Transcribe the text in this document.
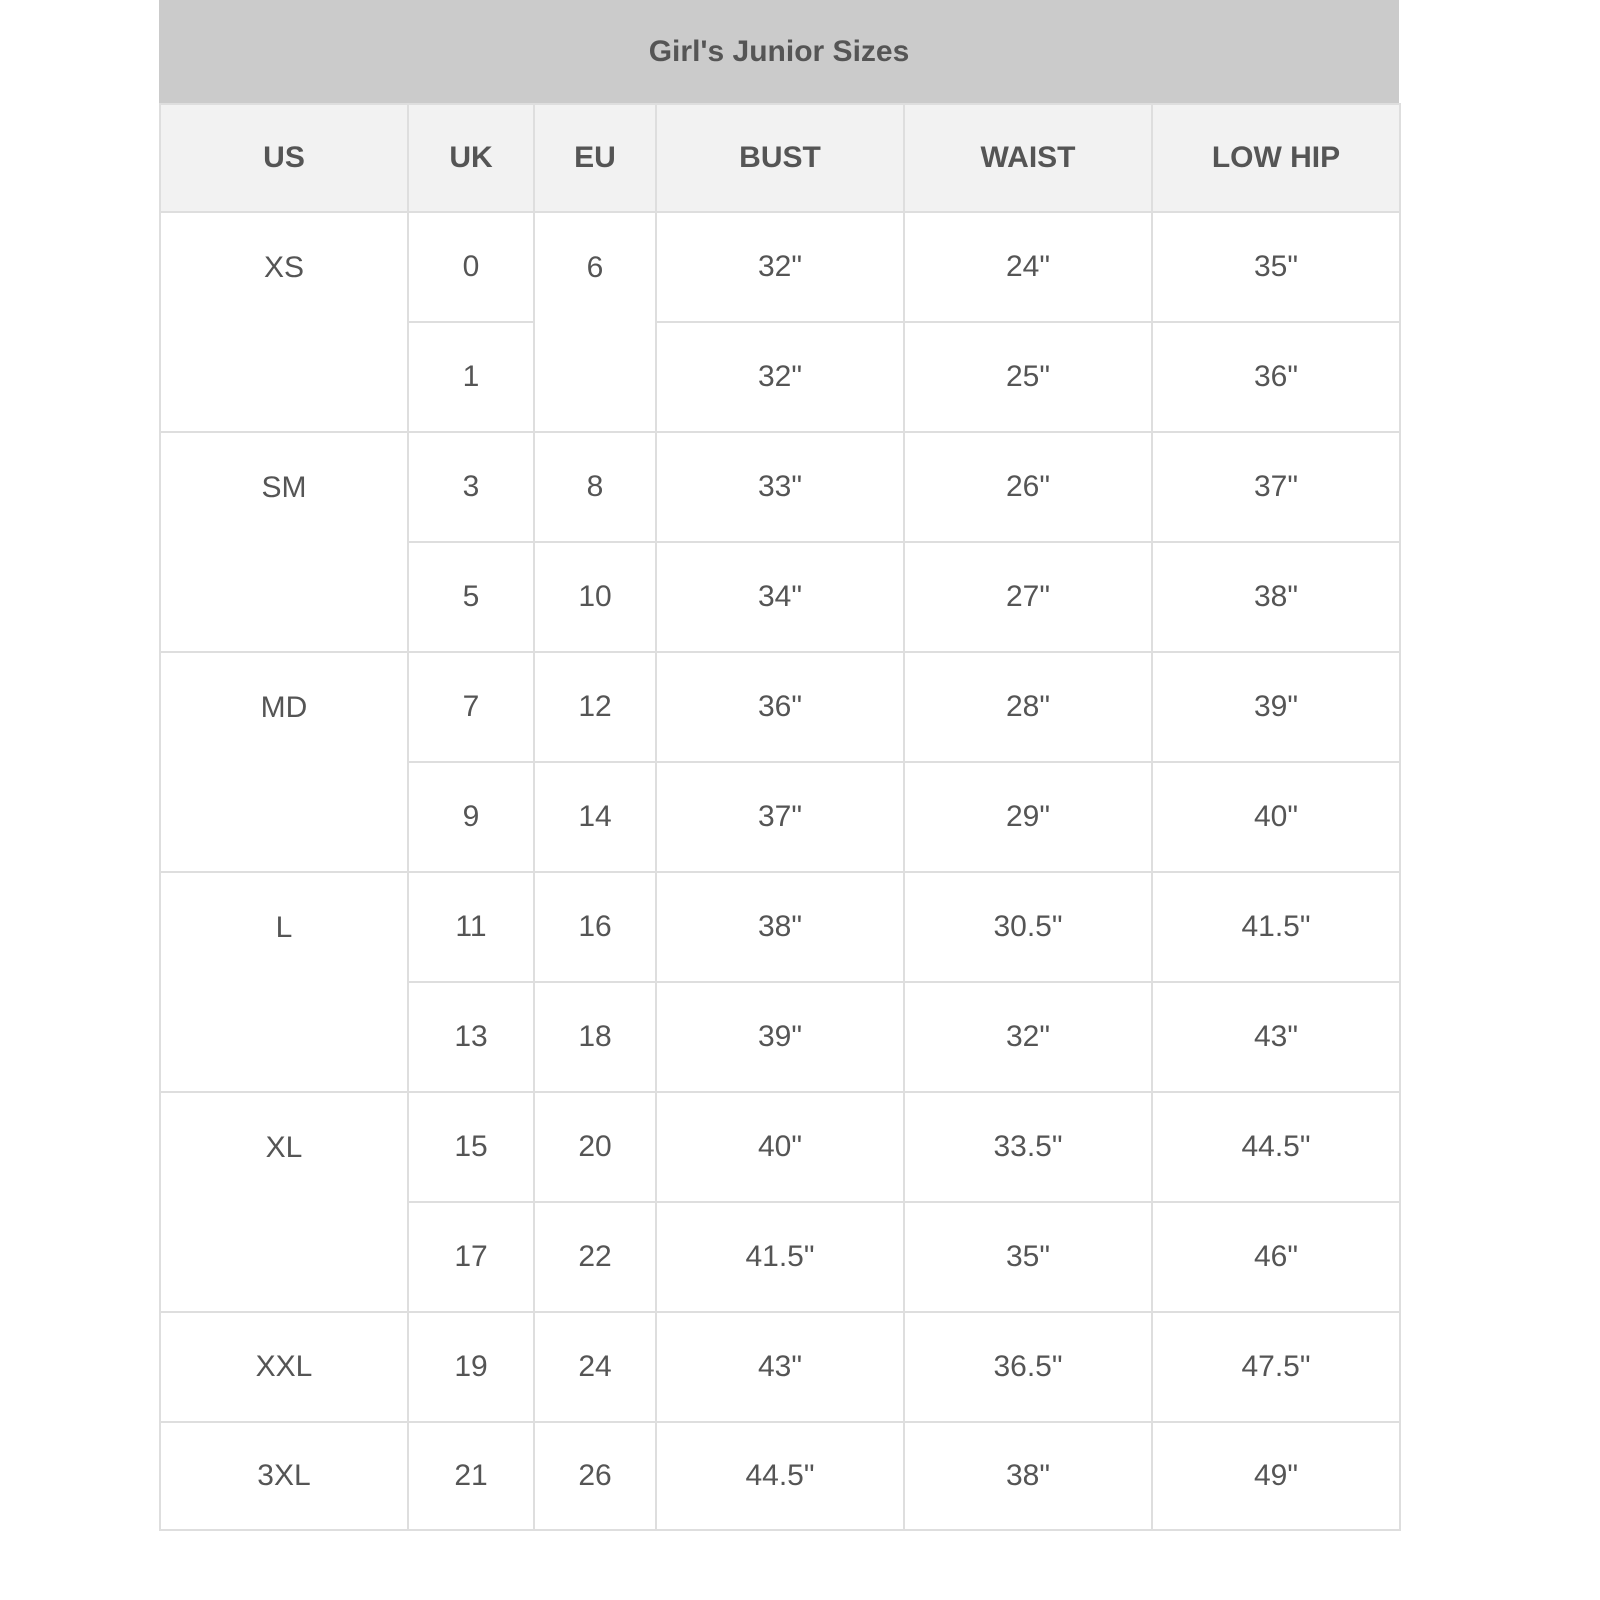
Girl's Junior Sizes
US	UK	EU	BUST	WAIST	LOW HIP
XS	0	6	32"	24"	35"
	1		32"	25"	36"
SM	3	8	33"	26"	37"
	5	10	34"	27"	38"
MD	7	12	36"	28"	39"
	9	14	37"	29"	40"
L	11	16	38"	30.5"	41.5"
	13	18	39"	32"	43"
XL	15	20	40"	33.5"	44.5"
	17	22	41.5"	35"	46"
XXL	19	24	43"	36.5"	47.5"
3XL	21	26	44.5"	38"	49"
